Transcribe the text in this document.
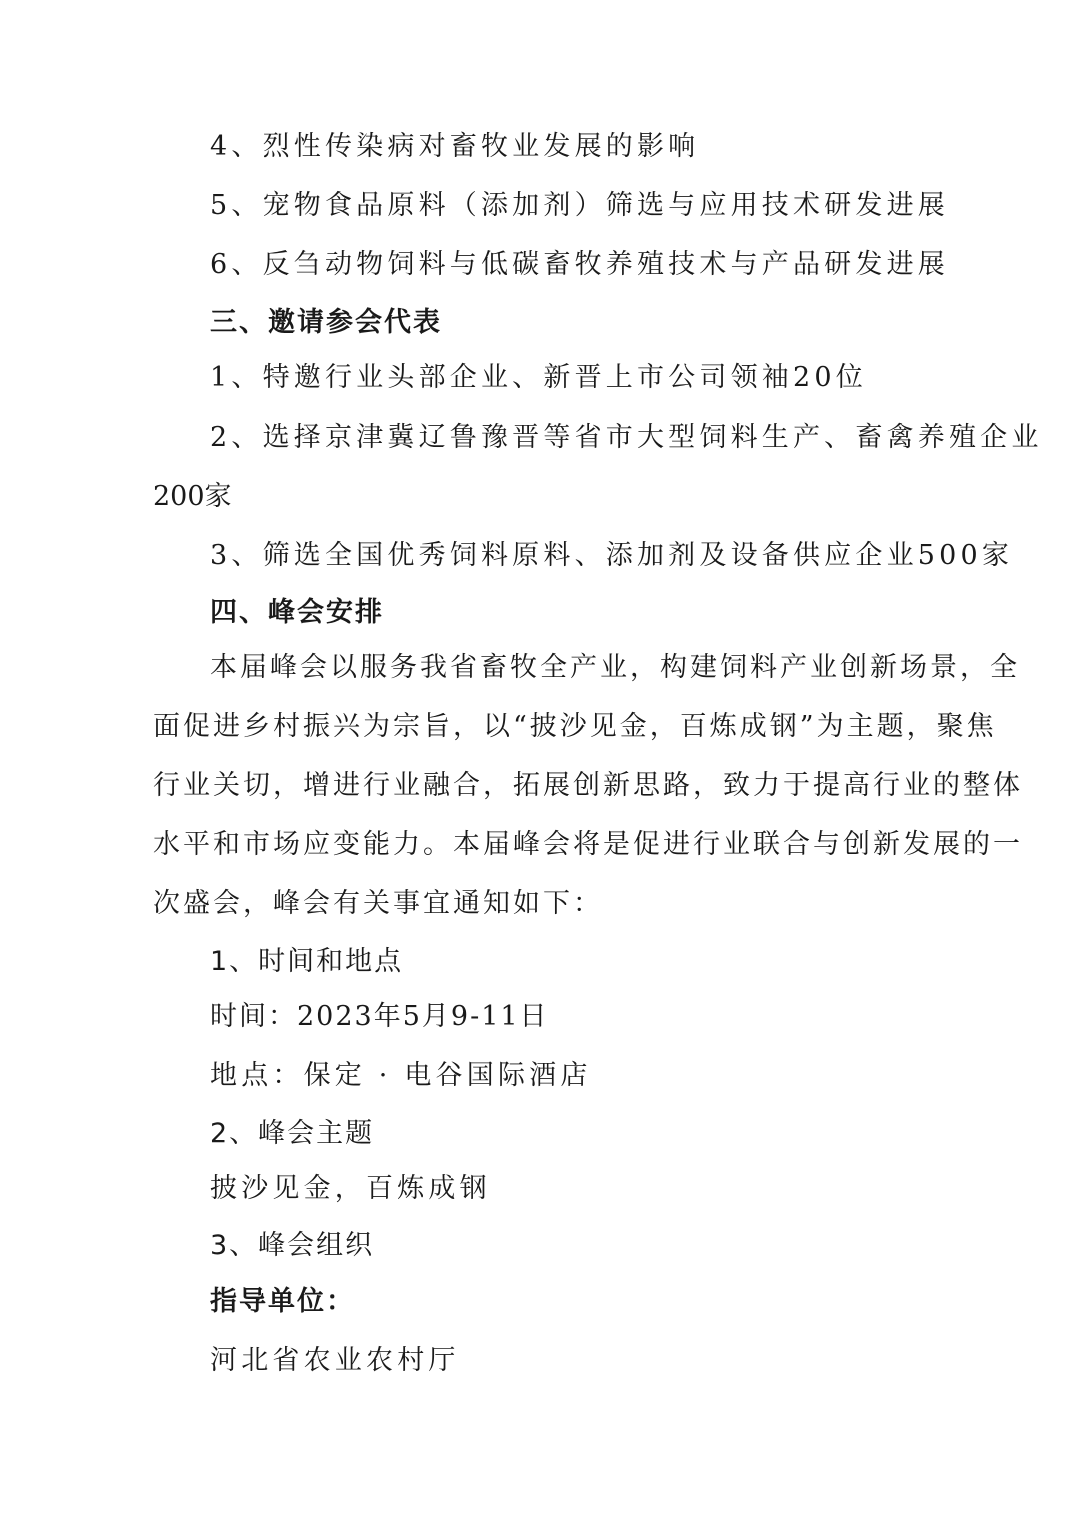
4、烈性传染病对畜牧业发展的影响
5、宠物食品原料（添加剂）筛选与应用技术研发进展
6、反刍动物饲料与低碳畜牧养殖技术与产品研发进展
三、邀请参会代表
1、特邀行业头部企业、新晋上市公司领袖20位
2、选择京津冀辽鲁豫晋等省市大型饲料生产、畜禽养殖企业
200家
3、筛选全国优秀饲料原料、添加剂及设备供应企业500家
四、峰会安排
本届峰会以服务我省畜牧全产业，构建饲料产业创新场景，全
面促进乡村振兴为宗旨，以“披沙见金，百炼成钢”为主题，聚焦
行业关切，增进行业融合，拓展创新思路，致力于提高行业的整体
水平和市场应变能力。本届峰会将是促进行业联合与创新发展的一
次盛会，峰会有关事宜通知如下：
1、时间和地点
时间：2023年5月9-11日
地点：保定 · 电谷国际酒店
2、峰会主题
披沙见金，百炼成钢
3、峰会组织
指导单位：
河北省农业农村厅
